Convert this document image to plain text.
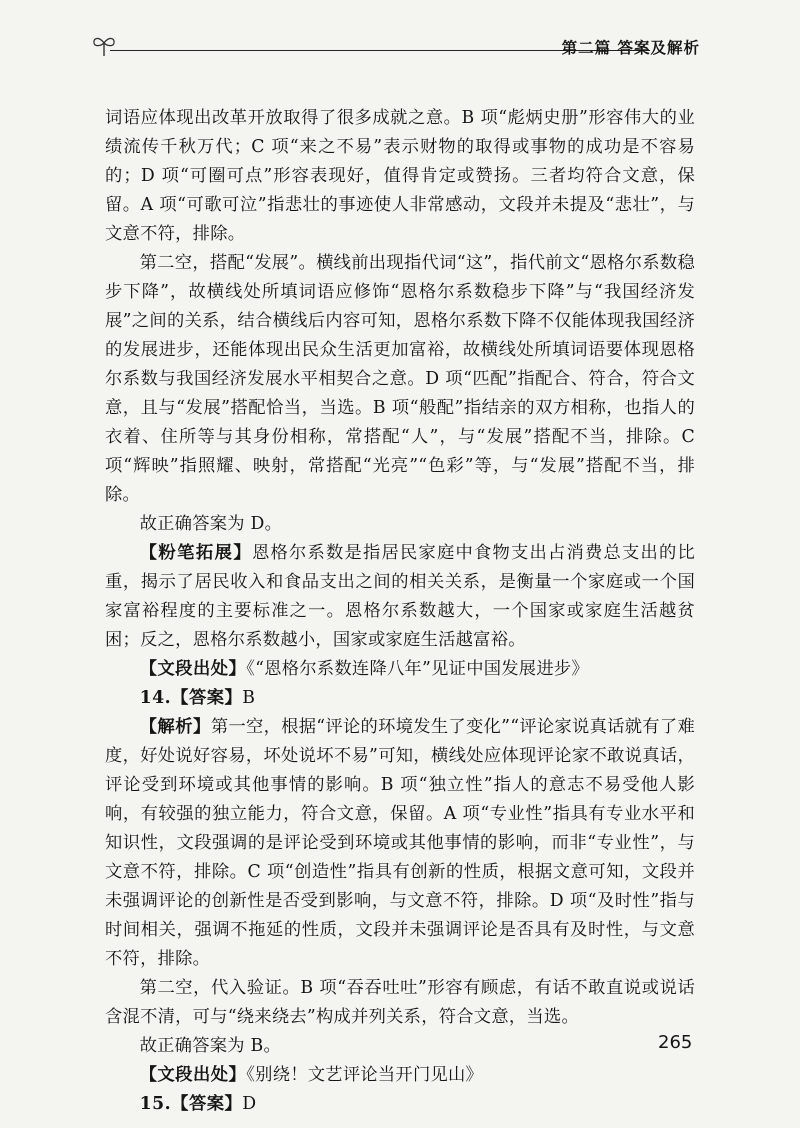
第二篇 答案及解析

词语应体现出改革开放取得了很多成就之意。B 项“彪炳史册”形容伟大的业绩流传千秋万代；C 项“来之不易”表示财物的取得或事物的成功是不容易的；D 项“可圈可点”形容表现好，值得肯定或赞扬。三者均符合文意，保留。A 项“可歌可泣”指悲壮的事迹使人非常感动，文段并未提及“悲壮”，与文意不符，排除。

第二空，搭配“发展”。横线前出现指代词“这”，指代前文“恩格尔系数稳步下降”，故横线处所填词语应修饰“恩格尔系数稳步下降”与“我国经济发展”之间的关系，结合横线后内容可知，恩格尔系数下降不仅能体现我国经济的发展进步，还能体现出民众生活更加富裕，故横线处所填词语要体现恩格尔系数与我国经济发展水平相契合之意。D 项“匹配”指配合、符合，符合文意，且与“发展”搭配恰当，当选。B 项“般配”指结亲的双方相称，也指人的衣着、住所等与其身份相称，常搭配“人”，与“发展”搭配不当，排除。C 项“辉映”指照耀、映射，常搭配“光亮”“色彩”等，与“发展”搭配不当，排除。

故正确答案为 D。

【粉笔拓展】恩格尔系数是指居民家庭中食物支出占消费总支出的比重，揭示了居民收入和食品支出之间的相关关系，是衡量一个家庭或一个国家富裕程度的主要标准之一。恩格尔系数越大，一个国家或家庭生活越贫困；反之，恩格尔系数越小，国家或家庭生活越富裕。

【文段出处】《“恩格尔系数连降八年”见证中国发展进步》

14.【答案】B

【解析】第一空，根据“评论的环境发生了变化”“评论家说真话就有了难度，好处说好容易，坏处说坏不易”可知，横线处应体现评论家不敢说真话，评论受到环境或其他事情的影响。B 项“独立性”指人的意志不易受他人影响，有较强的独立能力，符合文意，保留。A 项“专业性”指具有专业水平和知识性，文段强调的是评论受到环境或其他事情的影响，而非“专业性”，与文意不符，排除。C 项“创造性”指具有创新的性质，根据文意可知，文段并未强调评论的创新性是否受到影响，与文意不符，排除。D 项“及时性”指与时间相关，强调不拖延的性质，文段并未强调评论是否具有及时性，与文意不符，排除。

第二空，代入验证。B 项“吞吞吐吐”形容有顾虑，有话不敢直说或说话含混不清，可与“绕来绕去”构成并列关系，符合文意，当选。

故正确答案为 B。

【文段出处】《别绕！文艺评论当开门见山》

15.【答案】D

265
